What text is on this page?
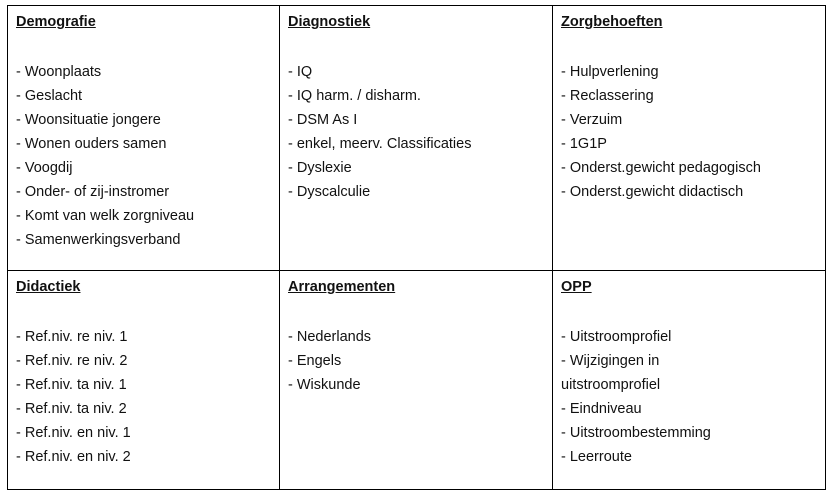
Demografie
- Woonplaats
- Geslacht
- Woonsituatie jongere
- Wonen ouders samen
- Voogdij
- Onder- of zij-instromer
- Komt van welk zorgniveau
- Samenwerkingsverband
Diagnostiek
- IQ
- IQ harm. / disharm.
- DSM As I
- enkel, meerv. Classificaties
- Dyslexie
- Dyscalculie
Zorgbehoeften
- Hulpverlening
- Reclassering
- Verzuim
- 1G1P
- Onderst.gewicht pedagogisch
- Onderst.gewicht didactisch
Didactiek
- Ref.niv. re niv. 1
- Ref.niv. re niv. 2
- Ref.niv. ta niv. 1
- Ref.niv. ta niv. 2
- Ref.niv. en niv. 1
- Ref.niv. en niv. 2
Arrangementen
- Nederlands
- Engels
- Wiskunde
OPP
- Uitstroomprofiel
- Wijzigingen in
uitstroomprofiel
- Eindniveau
- Uitstroombestemming
- Leerroute
